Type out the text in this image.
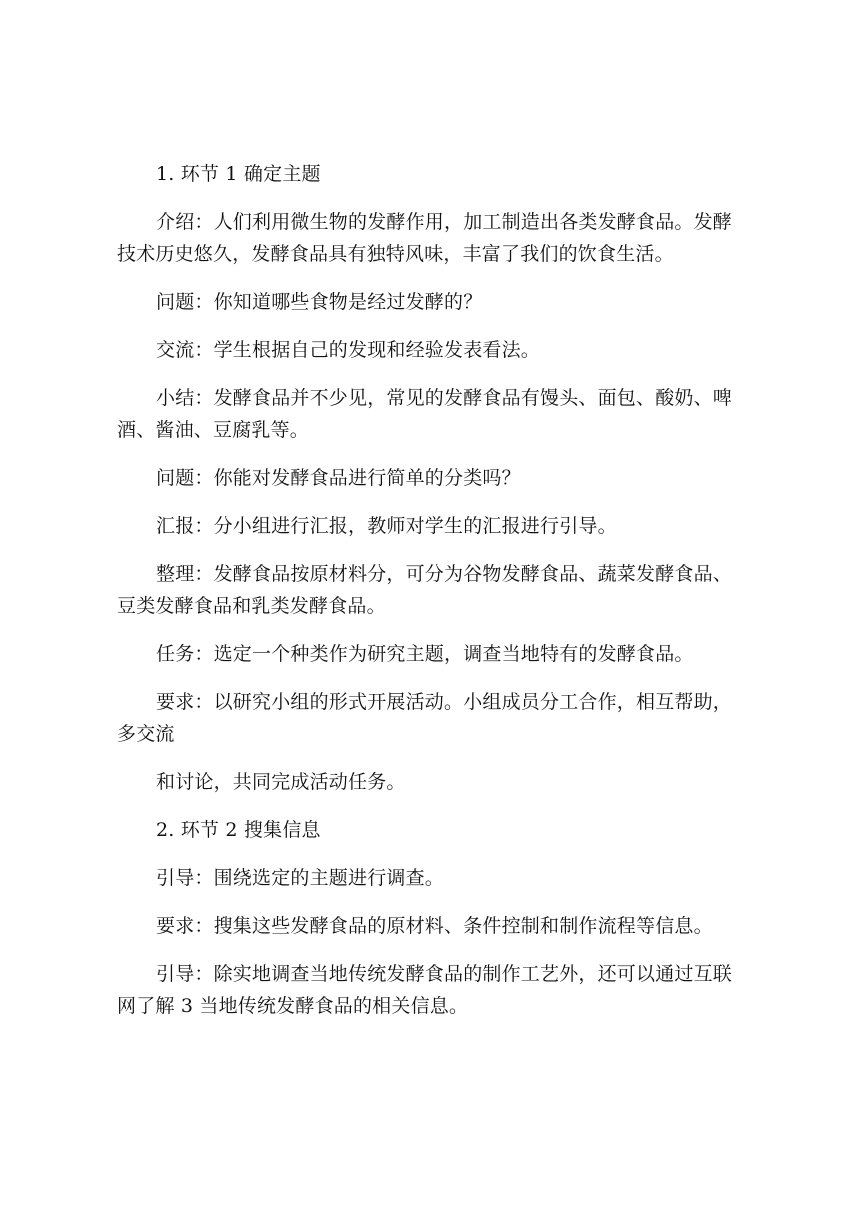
1. 环节 1 确定主题

介绍：人们利用微生物的发酵作用，加工制造出各类发酵食品。发酵

技术历史悠久，发酵食品具有独特风味，丰富了我们的饮食生活。

问题：你知道哪些食物是经过发酵的？

交流：学生根据自己的发现和经验发表看法。

小结：发酵食品并不少见，常见的发酵食品有馒头、面包、酸奶、啤

酒、酱油、豆腐乳等。

问题：你能对发酵食品进行简单的分类吗？

汇报：分小组进行汇报，教师对学生的汇报进行引导。

整理：发酵食品按原材料分，可分为谷物发酵食品、蔬菜发酵食品、

豆类发酵食品和乳类发酵食品。

任务：选定一个种类作为研究主题，调查当地特有的发酵食品。

要求：以研究小组的形式开展活动。小组成员分工合作，相互帮助，

多交流

和讨论，共同完成活动任务。

2. 环节 2 搜集信息

引导：围绕选定的主题进行调查。

要求：搜集这些发酵食品的原材料、条件控制和制作流程等信息。

引导：除实地调查当地传统发酵食品的制作工艺外，还可以通过互联

网了解 3 当地传统发酵食品的相关信息。
